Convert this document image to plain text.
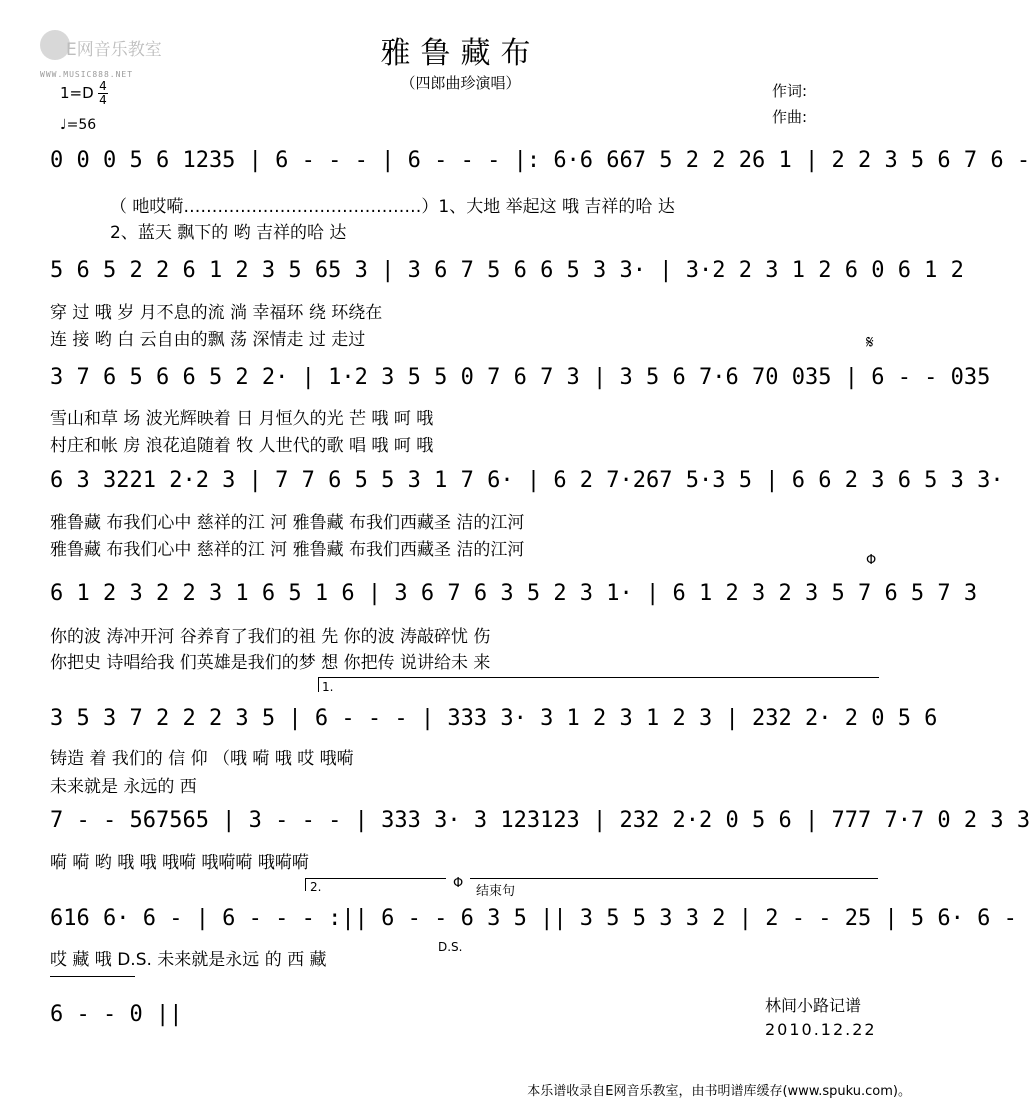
E网音乐教室
WWW.MUSIC888.NET
雅鲁藏布
（四郎曲珍演唱）	作词:
作曲:
1=D 4
4
♩=56
0 0 0 5 6 1235 | 6 - - - | 6 - - - |: 6·6 667 5 2 2 26 1 | 2 2 3 5 6 7 6 -
（ 吔哎嗬……………………………………）1、大地 举起这 哦 吉祥的哈 达
2、蓝天 飘下的 哟 吉祥的哈 达
5 6 5 2 2 6 1 2 3 5 65 3 | 3 6 7 5 6 6 5 3 3· | 3·2 2 3 1 2 6 0 6 1 2
穿 过 哦 岁 月不息的流 淌 幸福环 绕 环绕在
连 接 哟 白 云自由的飘 荡 深情走 过 走过	𝄋
3 7 6 5 6 6 5 2 2· | 1·2 3 5 5 0 7 6 7 3 | 3 5 6 7·6 70 035 | 6 - - 035
雪山和草 场 波光辉映着 日 月恒久的光 芒 哦 呵 哦
村庄和帐 房 浪花追随着 牧 人世代的歌 唱 哦 呵 哦
6 3 3221 2·2 3 | 7 7 6 5 5 3 1 7 6· | 6 2 7·267 5·3 5 | 6 6 2 3 6 5 3 3·
雅鲁藏 布我们心中 慈祥的江 河 雅鲁藏 布我们西藏圣 洁的江河
雅鲁藏 布我们心中 慈祥的江 河 雅鲁藏 布我们西藏圣 洁的江河
Φ
6 1 2 3 2 2 3 1 6 5 1 6 | 3 6 7 6 3 5 2 3 1· | 6 1 2 3 2 3 5 7 6 5 7 3
你的波 涛冲开河 谷养育了我们的祖 先 你的波 涛敲碎忧 伤
你把史 诗唱给我 们英雄是我们的梦 想 你把传 说讲给未 来
1.
3 5 3 7 2 2 2 3 5 | 6 - - - | 333 3· 3 1 2 3 1 2 3 | 232 2· 2 0 5 6
铸造 着 我们的 信 仰 （哦 嗬 哦 哎 哦嗬
未来就是 永远的 西
7 - - 567565 | 3 - - - | 333 3· 3 123123 | 232 2·2 0 5 6 | 777 7·7 0 2 3 3
嗬 嗬 哟 哦 哦 哦嗬 哦嗬嗬 哦嗬嗬
2.	Φ
结束句
616 6· 6 - | 6 - - - :|| 6 - - 6 3 5 || 3 5 5 3 3 2 | 2 - - 25 | 5 6· 6 -
哎 藏 哦 D.S. 未来就是永远 的 西 藏
D.S.
6 - - 0 ||	林间小路记谱
2010.12.22
本乐谱收录自E网音乐教室，由书明谱库缓存(www.spuku.com)。
